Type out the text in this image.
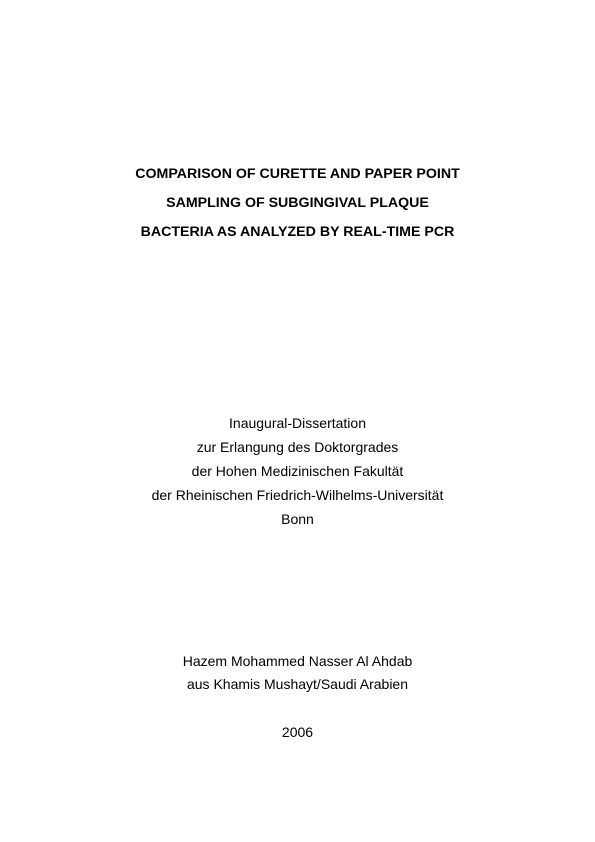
COMPARISON OF CURETTE AND PAPER POINT
SAMPLING OF SUBGINGIVAL PLAQUE
BACTERIA AS ANALYZED BY REAL-TIME PCR
Inaugural-Dissertation
zur Erlangung des Doktorgrades
der Hohen Medizinischen Fakultät
der Rheinischen Friedrich-Wilhelms-Universität
Bonn
Hazem Mohammed Nasser Al Ahdab
aus Khamis Mushayt/Saudi Arabien
2006
